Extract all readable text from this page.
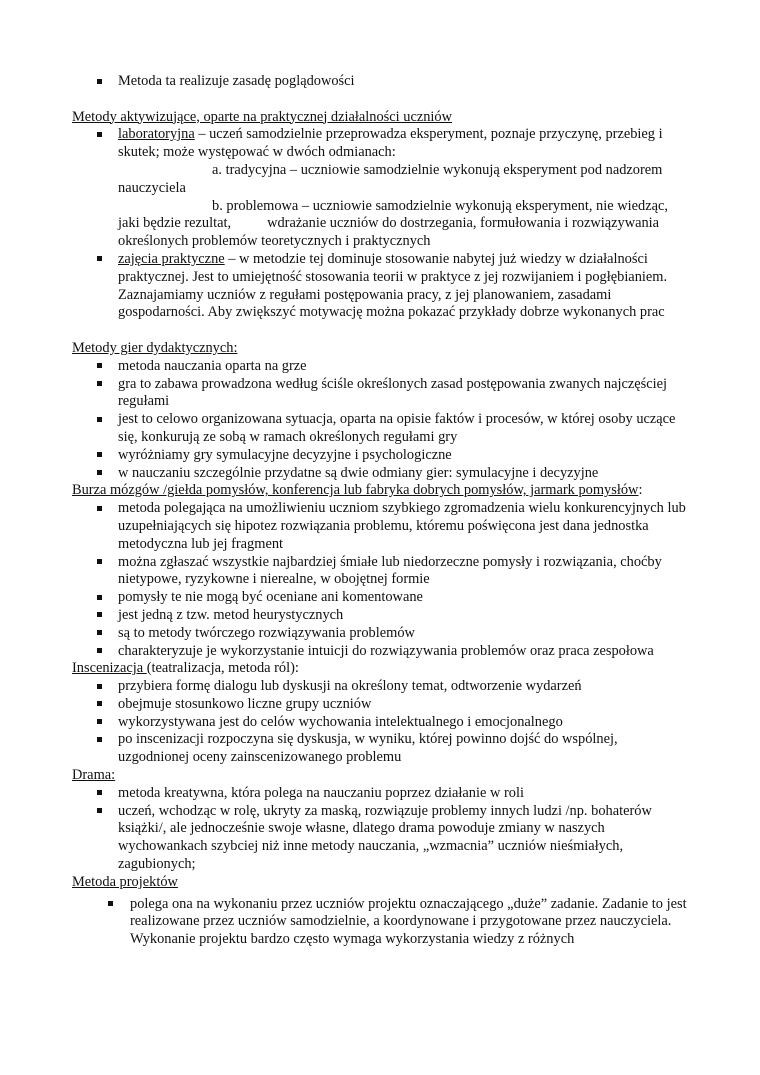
Metoda ta realizuje zasadę poglądowości
Metody aktywizujące, oparte na praktycznej działalności uczniów
laboratoryjna – uczeń samodzielnie przeprowadza eksperyment, poznaje przyczynę, przebieg i skutek; może występować w dwóch odmianach:
a. tradycyjna – uczniowie samodzielnie wykonują eksperyment pod nadzorem nauczyciela
b. problemowa – uczniowie samodzielnie wykonują eksperyment, nie wiedząc, jaki będzie rezultat,	wdrażanie uczniów do dostrzegania, formułowania i rozwiązywania określonych problemów teoretycznych i praktycznych
zajęcia praktyczne – w metodzie tej dominuje stosowanie nabytej już wiedzy w działalności praktycznej. Jest to umiejętność stosowania teorii w praktyce z jej rozwijaniem i pogłębianiem. Zaznajamiamy uczniów z regułami postępowania pracy, z jej planowaniem, zasadami gospodarności. Aby zwiększyć motywację można pokazać przykłady dobrze wykonanych prac
Metody gier dydaktycznych:
metoda nauczania oparta na grze
gra to zabawa prowadzona według ściśle określonych zasad postępowania zwanych najczęściej regułami
jest to celowo organizowana sytuacja, oparta na opisie faktów i procesów, w której osoby uczące się, konkurują ze sobą w ramach określonych regułami gry
wyróżniamy gry symulacyjne decyzyjne i psychologiczne
w nauczaniu szczególnie przydatne są dwie odmiany gier: symulacyjne i decyzyjne
Burza mózgów /giełda pomysłów, konferencja lub fabryka dobrych pomysłów, jarmark pomysłów:
metoda polegająca na umożliwieniu uczniom szybkiego zgromadzenia wielu konkurencyjnych lub uzupełniających się hipotez rozwiązania problemu, któremu poświęcona jest dana jednostka metodyczna lub jej fragment
można zgłaszać wszystkie najbardziej śmiałe lub niedorzeczne pomysły i rozwiązania, choćby nietypowe, ryzykowne i nierealne, w obojętnej formie
pomysły te nie mogą być oceniane ani komentowane
jest jedną z tzw. metod heurystycznych
są to metody twórczego rozwiązywania problemów
charakteryzuje je wykorzystanie intuicji do rozwiązywania problemów oraz praca zespołowa
Inscenizacja (teatralizacja, metoda ról):
przybiera formę dialogu lub dyskusji na określony temat, odtworzenie wydarzeń
obejmuje stosunkowo liczne grupy uczniów
wykorzystywana jest do celów wychowania intelektualnego i emocjonalnego
po inscenizacji rozpoczyna się dyskusja, w wyniku, której powinno dojść do wspólnej, uzgodnionej oceny zainscenizowanego problemu
Drama:
metoda kreatywna, która polega na nauczaniu poprzez działanie w roli
uczeń, wchodząc w rolę, ukryty za maską, rozwiązuje problemy innych ludzi /np. bohaterów książki/, ale jednocześnie swoje własne, dlatego drama powoduje zmiany w naszych wychowankach szybciej niż inne metody nauczania, „wzmacnia” uczniów nieśmiałych, zagubionych;
Metoda projektów
polega ona na wykonaniu przez uczniów projektu oznaczającego „duże” zadanie. Zadanie to jest realizowane przez uczniów samodzielnie, a koordynowane i przygotowane przez nauczyciela. Wykonanie projektu bardzo często wymaga wykorzystania wiedzy z różnych
